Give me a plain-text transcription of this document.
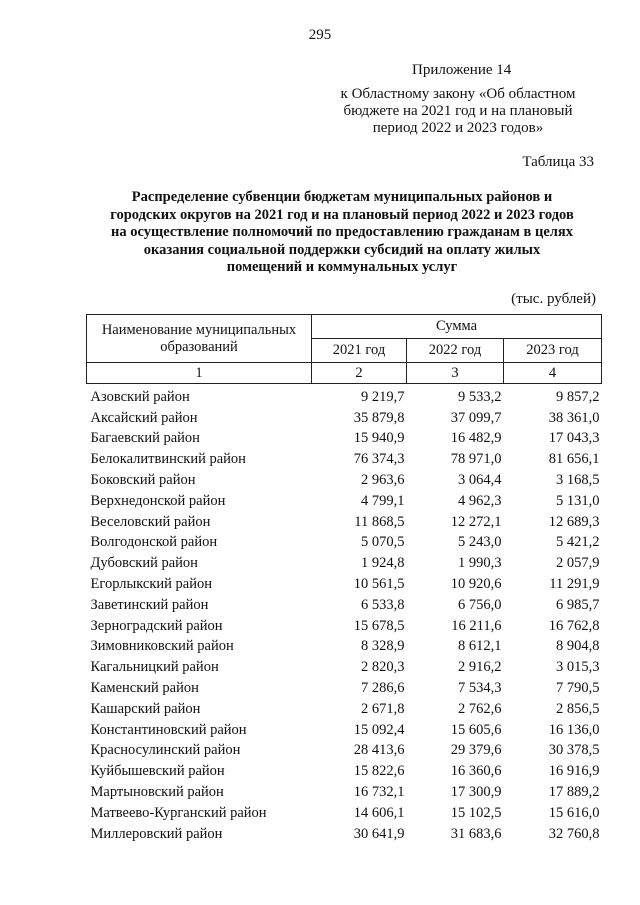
295
Приложение 14
к Областному закону «Об областном
бюджете на 2021 год и на плановый
период 2022 и 2023 годов»
Таблица 33
Распределение субвенции бюджетам муниципальных районов и
городских округов на 2021 год и на плановый период 2022 и 2023 годов
на осуществление полномочий по предоставлению гражданам в целях
оказания социальной поддержки субсидий на оплату жилых
помещений и коммунальных услуг
(тыс. рублей)
Наименование муниципальных
образований	Сумма		
	2021 год	2022 год	2023 год
1	2	3	4
Азовский район	9 219,7	9 533,2	9 857,2
Аксайский район	35 879,8	37 099,7	38 361,0
Багаевский район	15 940,9	16 482,9	17 043,3
Белокалитвинский район	76 374,3	78 971,0	81 656,1
Боковский район	2 963,6	3 064,4	3 168,5
Верхнедонской район	4 799,1	4 962,3	5 131,0
Веселовский район	11 868,5	12 272,1	12 689,3
Волгодонской район	5 070,5	5 243,0	5 421,2
Дубовский район	1 924,8	1 990,3	2 057,9
Егорлыкский район	10 561,5	10 920,6	11 291,9
Заветинский район	6 533,8	6 756,0	6 985,7
Зерноградский район	15 678,5	16 211,6	16 762,8
Зимовниковский район	8 328,9	8 612,1	8 904,8
Кагальницкий район	2 820,3	2 916,2	3 015,3
Каменский район	7 286,6	7 534,3	7 790,5
Кашарский район	2 671,8	2 762,6	2 856,5
Константиновский район	15 092,4	15 605,6	16 136,0
Красносулинский район	28 413,6	29 379,6	30 378,5
Куйбышевский район	15 822,6	16 360,6	16 916,9
Мартыновский район	16 732,1	17 300,9	17 889,2
Матвеево-Курганский район	14 606,1	15 102,5	15 616,0
Миллеровский район	30 641,9	31 683,6	32 760,8
